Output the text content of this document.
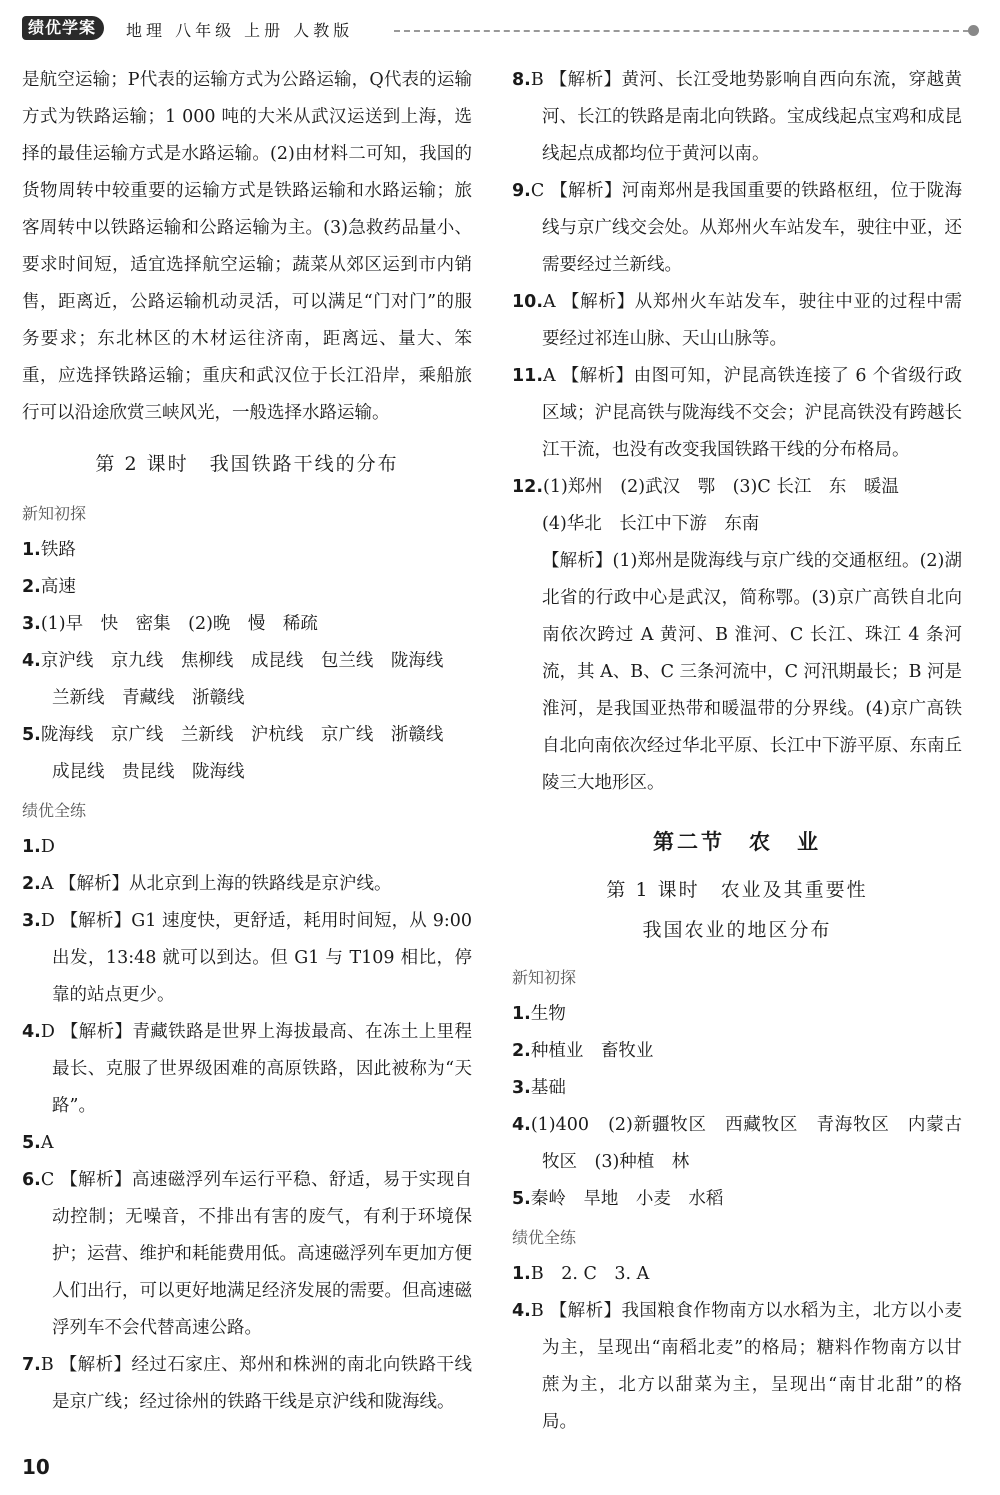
绩优学案	地理 八年级 上册 人教版
是航空运输；P代表的运输方式为公路运输，Q代表的运输方式为铁路运输；1 000 吨的大米从武汉运送到上海，选择的最佳运输方式是水路运输。(2)由材料二可知，我国的货物周转中较重要的运输方式是铁路运输和水路运输；旅客周转中以铁路运输和公路运输为主。(3)急救药品量小、要求时间短，适宜选择航空运输；蔬菜从郊区运到市内销售，距离近，公路运输机动灵活，可以满足“门对门”的服务要求；东北林区的木材运往济南，距离远、量大、笨重，应选择铁路运输；重庆和武汉位于长江沿岸，乘船旅行可以沿途欣赏三峡风光，一般选择水路运输。
第 2 课时　我国铁路干线的分布
新知初探
1.铁路
2.高速
3.(1)早　快　密集　(2)晚　慢　稀疏
4.京沪线　京九线　焦柳线　成昆线　包兰线　陇海线
兰新线　青藏线　浙赣线
5.陇海线　京广线　兰新线　沪杭线　京广线　浙赣线
成昆线　贵昆线　陇海线
绩优全练
1.D
2.A 【解析】从北京到上海的铁路线是京沪线。
3.D 【解析】G1 速度快，更舒适，耗用时间短，从 9:00 出发，13:48 就可以到达。但 G1 与 T109 相比，停靠的站点更少。
4.D 【解析】青藏铁路是世界上海拔最高、在冻土上里程最长、克服了世界级困难的高原铁路，因此被称为“天路”。
5.A
6.C 【解析】高速磁浮列车运行平稳、舒适，易于实现自动控制；无噪音，不排出有害的废气，有利于环境保护；运营、维护和耗能费用低。高速磁浮列车更加方便人们出行，可以更好地满足经济发展的需要。但高速磁浮列车不会代替高速公路。
7.B 【解析】经过石家庄、郑州和株洲的南北向铁路干线是京广线；经过徐州的铁路干线是京沪线和陇海线。
8.B 【解析】黄河、长江受地势影响自西向东流，穿越黄河、长江的铁路是南北向铁路。宝成线起点宝鸡和成昆线起点成都均位于黄河以南。
9.C 【解析】河南郑州是我国重要的铁路枢纽，位于陇海线与京广线交会处。从郑州火车站发车，驶往中亚，还需要经过兰新线。
10.A 【解析】从郑州火车站发车，驶往中亚的过程中需要经过祁连山脉、天山山脉等。
11.A 【解析】由图可知，沪昆高铁连接了 6 个省级行政区域；沪昆高铁与陇海线不交会；沪昆高铁没有跨越长江干流，也没有改变我国铁路干线的分布格局。
12.(1)郑州　(2)武汉　鄂　(3)C 长江　东　暖温
(4)华北　长江中下游　东南
【解析】(1)郑州是陇海线与京广线的交通枢纽。(2)湖北省的行政中心是武汉，简称鄂。(3)京广高铁自北向南依次跨过 A 黄河、B 淮河、C 长江、珠江 4 条河流，其 A、B、C 三条河流中，C 河汛期最长；B 河是淮河，是我国亚热带和暖温带的分界线。(4)京广高铁自北向南依次经过华北平原、长江中下游平原、东南丘陵三大地形区。
第二节　农　业
第 1 课时　农业及其重要性
我国农业的地区分布
新知初探
1.生物
2.种植业　畜牧业
3.基础
4.(1)400　(2)新疆牧区　西藏牧区　青海牧区　内蒙古牧区　(3)种植　林
5.秦岭　旱地　小麦　水稻
绩优全练
1.B　2. C　3. A
4.B 【解析】我国粮食作物南方以水稻为主，北方以小麦为主，呈现出“南稻北麦”的格局；糖料作物南方以甘蔗为主，北方以甜菜为主，呈现出“南甘北甜”的格局。
10
